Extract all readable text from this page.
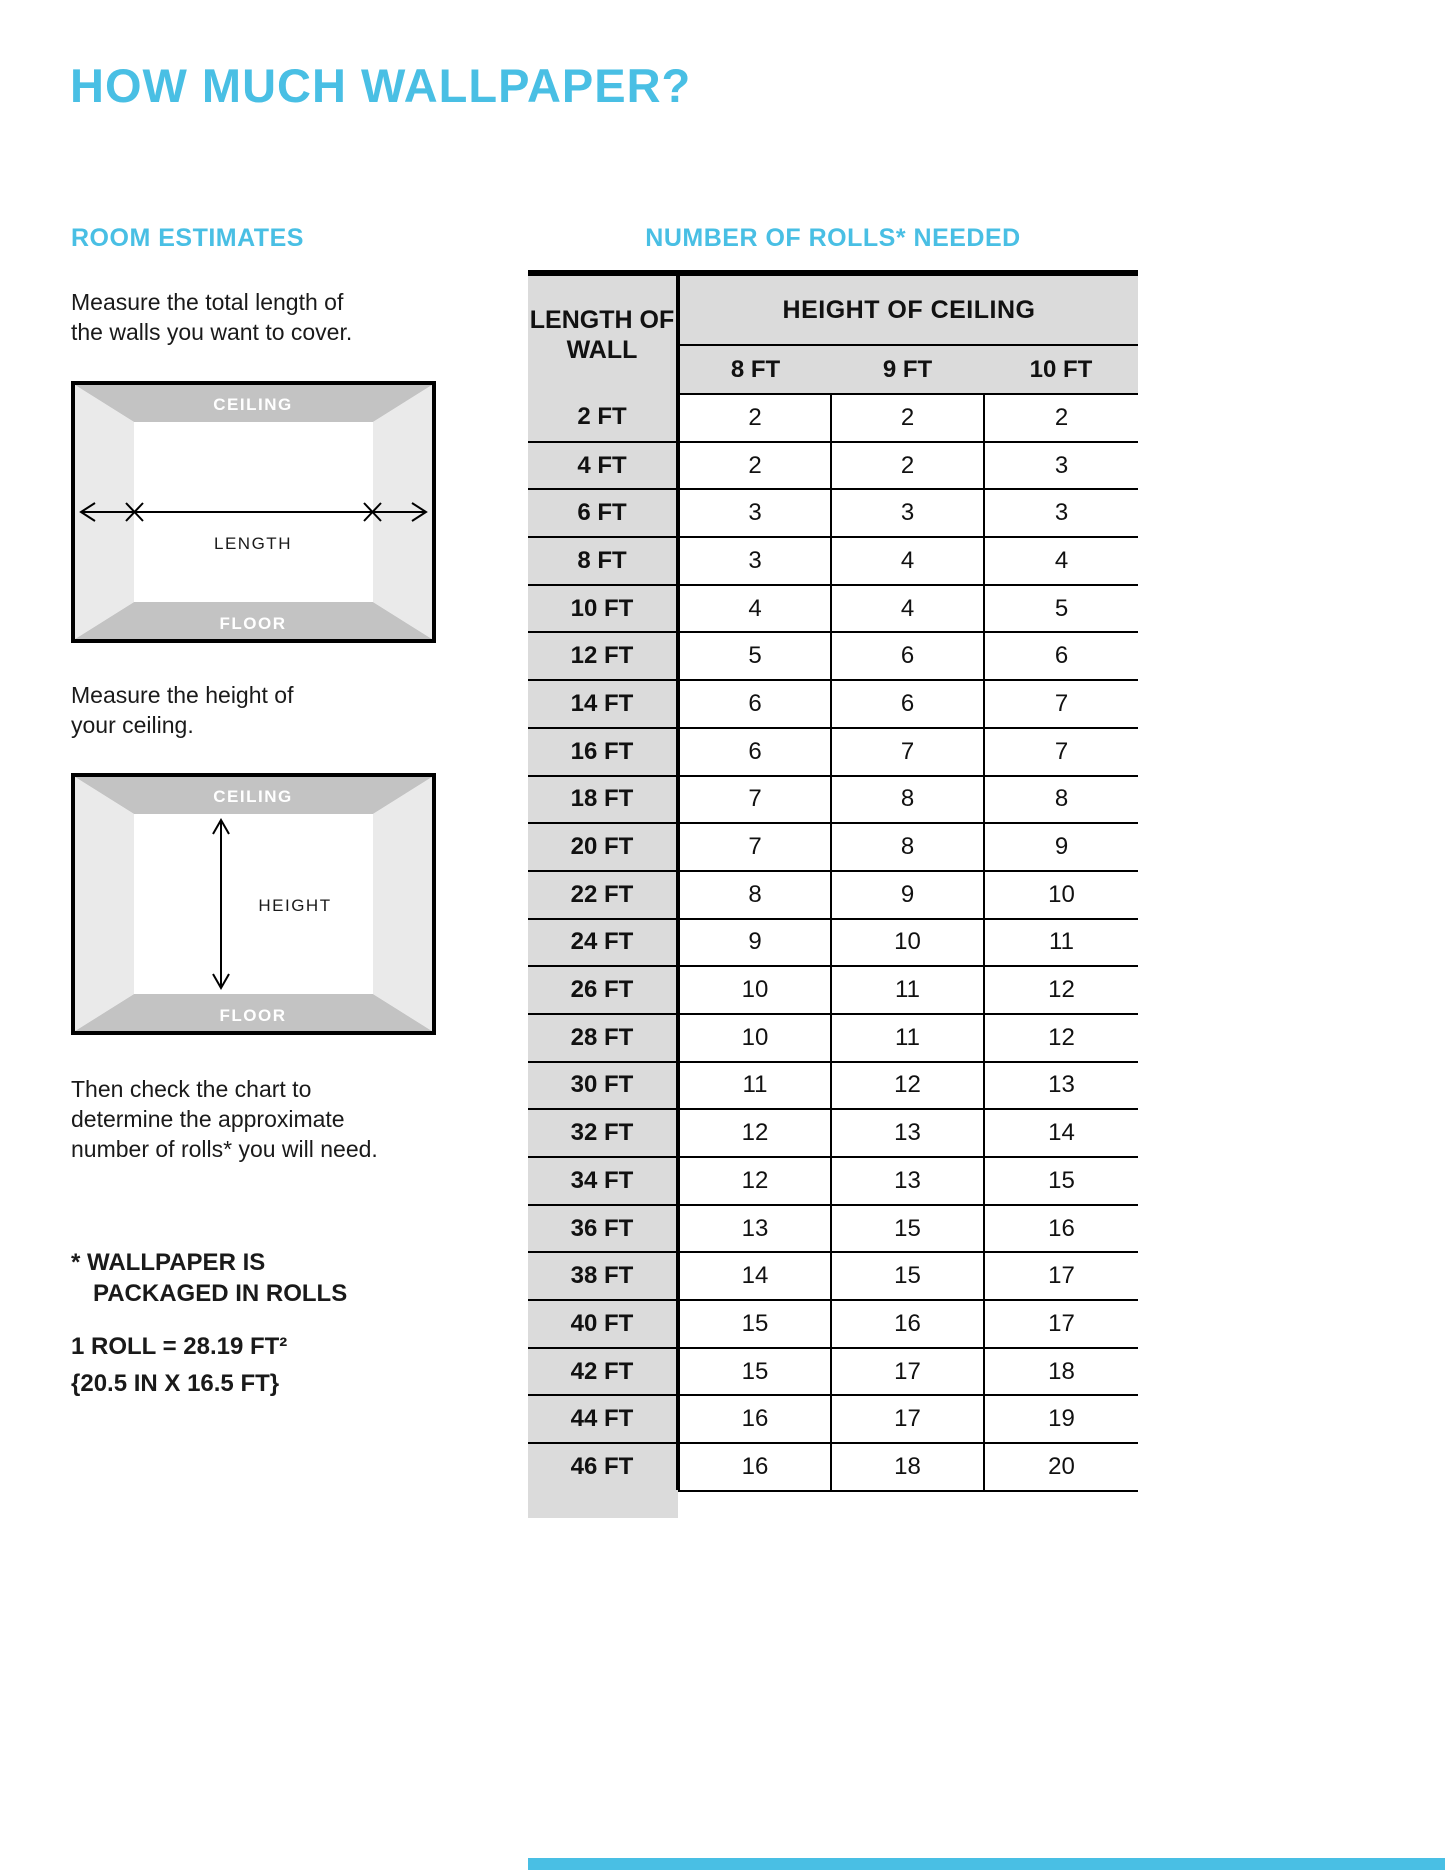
HOW MUCH WALLPAPER?
ROOM ESTIMATES	NUMBER OF ROLLS* NEEDED
Measure the total length of
the walls you want to cover.
CEILING
FLOOR
LENGTH
Measure the height of
your ceiling.
CEILING
FLOOR
HEIGHT
Then check the chart to
determine the approximate
number of rolls* you will need.
* WALLPAPER IS
PACKAGED IN ROLLS
1 ROLL = 28.19 FT²
{20.5 IN X 16.5 FT}
LENGTH OF WALL	HEIGHT OF CEILING		
	8 FT	9 FT	10 FT
2 FT	2	2	2
4 FT	2	2	3
6 FT	3	3	3
8 FT	3	4	4
10 FT	4	4	5
12 FT	5	6	6
14 FT	6	6	7
16 FT	6	7	7
18 FT	7	8	8
20 FT	7	8	9
22 FT	8	9	10
24 FT	9	10	11
26 FT	10	11	12
28 FT	10	11	12
30 FT	11	12	13
32 FT	12	13	14
34 FT	12	13	15
36 FT	13	15	16
38 FT	14	15	17
40 FT	15	16	17
42 FT	15	17	18
44 FT	16	17	19
46 FT	16	18	20
